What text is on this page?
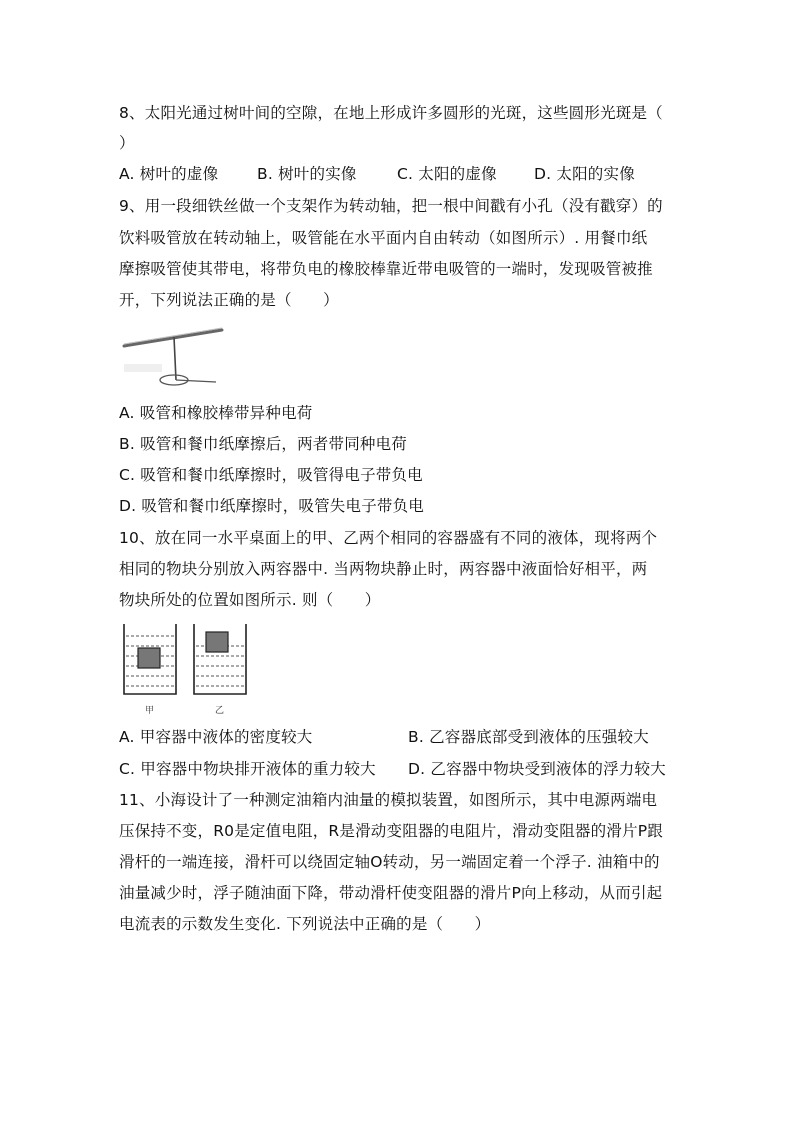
8、太阳光通过树叶间的空隙，在地上形成许多圆形的光斑，这些圆形光斑是（
）
A. 树叶的虚像 B. 树叶的实像	C. 太阳的虚像 D. 太阳的实像
9、用一段细铁丝做一个支架作为转动轴，把一根中间戳有小孔（没有戳穿）的
饮料吸管放在转动轴上，吸管能在水平面内自由转动（如图所示）. 用餐巾纸
摩擦吸管使其带电，将带负电的橡胶棒靠近带电吸管的一端时，发现吸管被推
开，下列说法正确的是（　　）
A. 吸管和橡胶棒带异种电荷
B. 吸管和餐巾纸摩擦后，两者带同种电荷
C. 吸管和餐巾纸摩擦时，吸管得电子带负电
D. 吸管和餐巾纸摩擦时，吸管失电子带负电
10、放在同一水平桌面上的甲、乙两个相同的容器盛有不同的液体，现将两个
相同的物块分别放入两容器中. 当两物块静止时，两容器中液面恰好相平，两
物块所处的位置如图所示. 则（　　）
甲	乙
A. 甲容器中液体的密度较大	B. 乙容器底部受到液体的压强较大
C. 甲容器中物块排开液体的重力较大 D. 乙容器中物块受到液体的浮力较大
11、小海设计了一种测定油箱内油量的模拟装置，如图所示，其中电源两端电
压保持不变，R0是定值电阻，R是滑动变阻器的电阻片，滑动变阻器的滑片P跟
滑杆的一端连接，滑杆可以绕固定轴O转动，另一端固定着一个浮子. 油箱中的
油量减少时，浮子随油面下降，带动滑杆使变阻器的滑片P向上移动，从而引起
电流表的示数发生变化. 下列说法中正确的是（　　）
